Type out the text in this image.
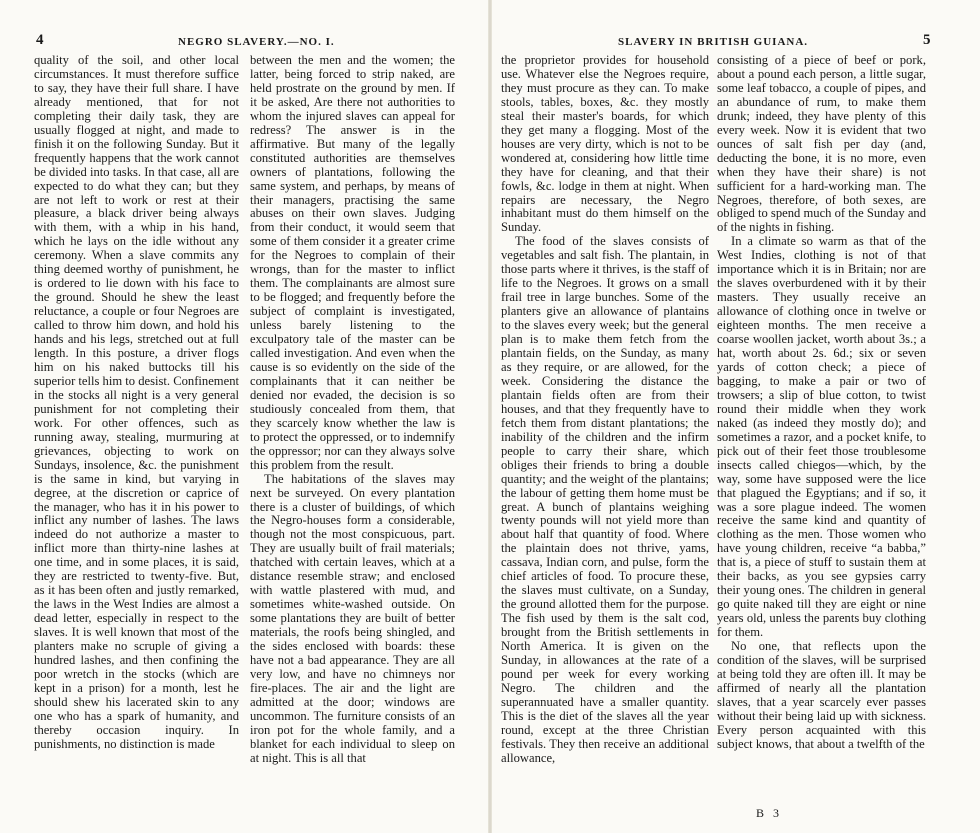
4	NEGRO SLAVERY.—NO. I.

quality of the soil, and other local circumstances. It must therefore suffice to say, they have their full share. I have already mentioned, that for not completing their daily task, they are usually flogged at night, and made to finish it on the following Sunday. But it frequently happens that the work cannot be divided into tasks. In that case, all are expected to do what they can; but they are not left to work or rest at their pleasure, a black driver being always with them, with a whip in his hand, which he lays on the idle without any ceremony. When a slave commits any thing deemed worthy of punishment, he is ordered to lie down with his face to the ground. Should he shew the least reluctance, a couple or four Negroes are called to throw him down, and hold his hands and his legs, stretched out at full length. In this posture, a driver flogs him on his naked buttocks till his superior tells him to desist. Confinement in the stocks all night is a very general punishment for not completing their work. For other offences, such as running away, stealing, murmuring at grievances, objecting to work on Sundays, insolence, &c. the punishment is the same in kind, but varying in degree, at the discretion or caprice of the manager, who has it in his power to inflict any number of lashes. The laws indeed do not authorize a master to inflict more than thirty-nine lashes at one time, and in some places, it is said, they are restricted to twenty-five. But, as it has been often and justly remarked, the laws in the West Indies are almost a dead letter, especially in respect to the slaves. It is well known that most of the planters make no scruple of giving a hundred lashes, and then confining the poor wretch in the stocks (which are kept in a prison) for a month, lest he should shew his lacerated skin to any one who has a spark of humanity, and thereby occasion inquiry. In punishments, no distinction is made

between the men and the women; the latter, being forced to strip naked, are held prostrate on the ground by men. If it be asked, Are there not authorities to whom the injured slaves can appeal for redress? The answer is in the affirmative. But many of the legally constituted authorities are themselves owners of plantations, following the same system, and perhaps, by means of their managers, practising the same abuses on their own slaves. Judging from their conduct, it would seem that some of them consider it a greater crime for the Negroes to complain of their wrongs, than for the master to inflict them. The complainants are almost sure to be flogged; and frequently before the subject of complaint is investigated, unless barely listening to the exculpatory tale of the master can be called investigation. And even when the cause is so evidently on the side of the complainants that it can neither be denied nor evaded, the decision is so studiously concealed from them, that they scarcely know whether the law is to protect the oppressed, or to indemnify the oppressor; nor can they always solve this problem from the result.

The habitations of the slaves may next be surveyed. On every plantation there is a cluster of buildings, of which the Negro-houses form a considerable, though not the most conspicuous, part. They are usually built of frail materials; thatched with certain leaves, which at a distance resemble straw; and enclosed with wattle plastered with mud, and sometimes white-washed outside. On some plantations they are built of better materials, the roofs being shingled, and the sides enclosed with boards: these have not a bad appearance. They are all very low, and have no chimneys nor fire-places. The air and the light are admitted at the door; windows are uncommon. The furniture consists of an iron pot for the whole family, and a blanket for each individual to sleep on at night. This is all that

SLAVERY IN BRITISH GUIANA.	5

the proprietor provides for household use. Whatever else the Negroes require, they must procure as they can. To make stools, tables, boxes, &c. they mostly steal their master's boards, for which they get many a flogging. Most of the houses are very dirty, which is not to be wondered at, considering how little time they have for cleaning, and that their fowls, &c. lodge in them at night. When repairs are necessary, the Negro inhabitant must do them himself on the Sunday.

The food of the slaves consists of vegetables and salt fish. The plantain, in those parts where it thrives, is the staff of life to the Negroes. It grows on a small frail tree in large bunches. Some of the planters give an allowance of plantains to the slaves every week; but the general plan is to make them fetch from the plantain fields, on the Sunday, as many as they require, or are allowed, for the week. Considering the distance the plantain fields often are from their houses, and that they frequently have to fetch them from distant plantations; the inability of the children and the infirm people to carry their share, which obliges their friends to bring a double quantity; and the weight of the plantains; the labour of getting them home must be great. A bunch of plantains weighing twenty pounds will not yield more than about half that quantity of food. Where the plaintain does not thrive, yams, cassava, Indian corn, and pulse, form the chief articles of food. To procure these, the slaves must cultivate, on a Sunday, the ground allotted them for the purpose. The fish used by them is the salt cod, brought from the British settlements in North America. It is given on the Sunday, in allowances at the rate of a pound per week for every working Negro. The children and the superannuated have a smaller quantity. This is the diet of the slaves all the year round, except at the three Christian festivals. They then receive an additional allowance,

consisting of a piece of beef or pork, about a pound each person, a little sugar, some leaf tobacco, a couple of pipes, and an abundance of rum, to make them drunk; indeed, they have plenty of this every week. Now it is evident that two ounces of salt fish per day (and, deducting the bone, it is no more, even when they have their share) is not sufficient for a hard-working man. The Negroes, therefore, of both sexes, are obliged to spend much of the Sunday and of the nights in fishing.

In a climate so warm as that of the West Indies, clothing is not of that importance which it is in Britain; nor are the slaves overburdened with it by their masters. They usually receive an allowance of clothing once in twelve or eighteen months. The men receive a coarse woollen jacket, worth about 3s.; a hat, worth about 2s. 6d.; six or seven yards of cotton check; a piece of bagging, to make a pair or two of trowsers; a slip of blue cotton, to twist round their middle when they work naked (as indeed they mostly do); and sometimes a razor, and a pocket knife, to pick out of their feet those troublesome insects called chiegos—which, by the way, some have supposed were the lice that plagued the Egyptians; and if so, it was a sore plague indeed. The women receive the same kind and quantity of clothing as the men. Those women who have young children, receive “a babba,” that is, a piece of stuff to sustain them at their backs, as you see gypsies carry their young ones. The children in general go quite naked till they are eight or nine years old, unless the parents buy clothing for them.

No one, that reflects upon the condition of the slaves, will be surprised at being told they are often ill. It may be affirmed of nearly all the plantation slaves, that a year scarcely ever passes without their being laid up with sickness. Every person acquainted with this subject knows, that about a twelfth of the

B 3
